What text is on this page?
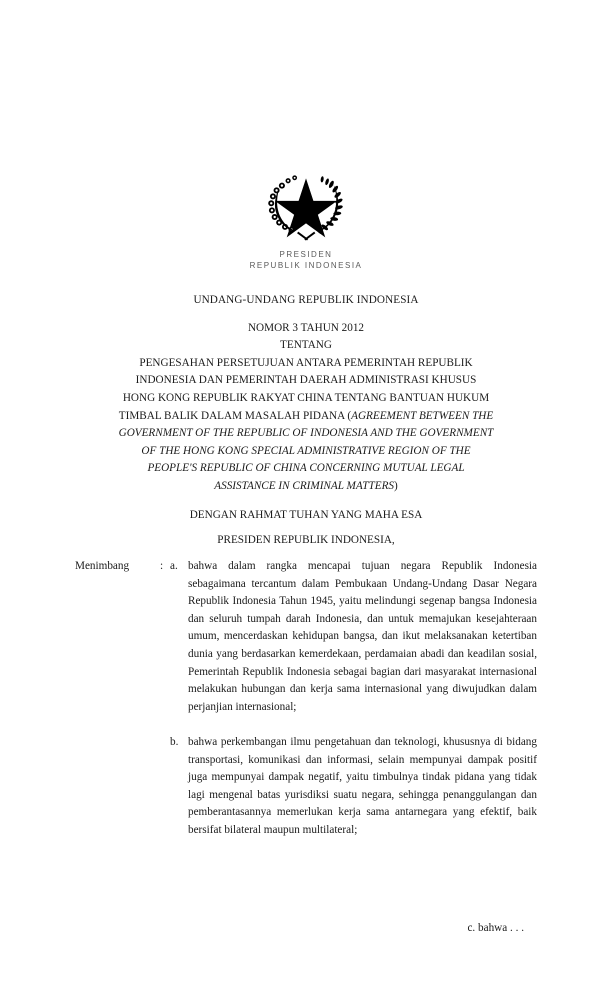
PRESIDEN
REPUBLIK INDONESIA
UNDANG-UNDANG REPUBLIK INDONESIA
NOMOR 3 TAHUN 2012
TENTANG
PENGESAHAN PERSETUJUAN ANTARA PEMERINTAH REPUBLIK
INDONESIA DAN PEMERINTAH DAERAH ADMINISTRASI KHUSUS
HONG KONG REPUBLIK RAKYAT CHINA TENTANG BANTUAN HUKUM
TIMBAL BALIK DALAM MASALAH PIDANA (AGREEMENT BETWEEN THE
GOVERNMENT OF THE REPUBLIC OF INDONESIA AND THE GOVERNMENT
OF THE HONG KONG SPECIAL ADMINISTRATIVE REGION OF THE
PEOPLE'S REPUBLIC OF CHINA CONCERNING MUTUAL LEGAL
ASSISTANCE IN CRIMINAL MATTERS)
DENGAN RAHMAT TUHAN YANG MAHA ESA
PRESIDEN REPUBLIK INDONESIA,
Menimbang	: a. bahwa dalam rangka mencapai tujuan negara Republik Indonesia sebagaimana tercantum dalam Pembukaan Undang-Undang Dasar Negara Republik Indonesia Tahun 1945, yaitu melindungi segenap bangsa Indonesia dan seluruh tumpah darah Indonesia, dan untuk memajukan kesejahteraan umum, mencerdaskan kehidupan bangsa, dan ikut melaksanakan ketertiban dunia yang berdasarkan kemerdekaan, perdamaian abadi dan keadilan sosial, Pemerintah Republik Indonesia sebagai bagian dari masyarakat internasional melakukan hubungan dan kerja sama internasional yang diwujudkan dalam perjanjian internasional;

b. bahwa perkembangan ilmu pengetahuan dan teknologi, khususnya di bidang transportasi, komunikasi dan informasi, selain mempunyai dampak positif juga mempunyai dampak negatif, yaitu timbulnya tindak pidana yang tidak lagi mengenal batas yurisdiksi suatu negara, sehingga penanggulangan dan pemberantasannya memerlukan kerja sama antarnegara yang efektif, baik bersifat bilateral maupun multilateral;

c. bahwa . . .
